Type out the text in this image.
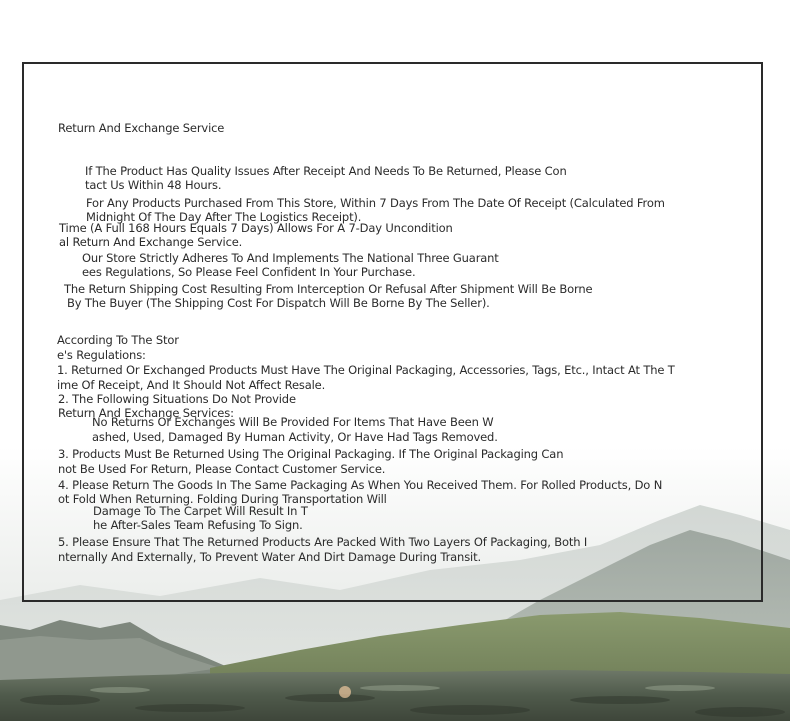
Return And Exchange Service
If The Product Has Quality Issues After Receipt And Needs To Be Returned, Please Con
tact Us Within 48 Hours.
For Any Products Purchased From This Store, Within 7 Days From The Date Of Receipt (Calculated From
Midnight Of The Day After The Logistics Receipt).
Time (A Full 168 Hours Equals 7 Days) Allows For A 7-Day Uncondition
al Return And Exchange Service.
Our Store Strictly Adheres To And Implements The National Three Guarant
ees Regulations, So Please Feel Confident In Your Purchase.
The Return Shipping Cost Resulting From Interception Or Refusal After Shipment Will Be Borne
By The Buyer (The Shipping Cost For Dispatch Will Be Borne By The Seller).
According To The Stor
e's Regulations:
1. Returned Or Exchanged Products Must Have The Original Packaging, Accessories, Tags, Etc., Intact At The T
ime Of Receipt, And It Should Not Affect Resale.
2. The Following Situations Do Not Provide
Return And Exchange Services:
No Returns Or Exchanges Will Be Provided For Items That Have Been W
ashed, Used, Damaged By Human Activity, Or Have Had Tags Removed.
3. Products Must Be Returned Using The Original Packaging. If The Original Packaging Can
not Be Used For Return, Please Contact Customer Service.
4. Please Return The Goods In The Same Packaging As When You Received Them. For Rolled Products, Do N
ot Fold When Returning. Folding During Transportation Will
Damage To The Carpet Will Result In T
he After-Sales Team Refusing To Sign.
5. Please Ensure That The Returned Products Are Packed With Two Layers Of Packaging, Both I
nternally And Externally, To Prevent Water And Dirt Damage During Transit.
